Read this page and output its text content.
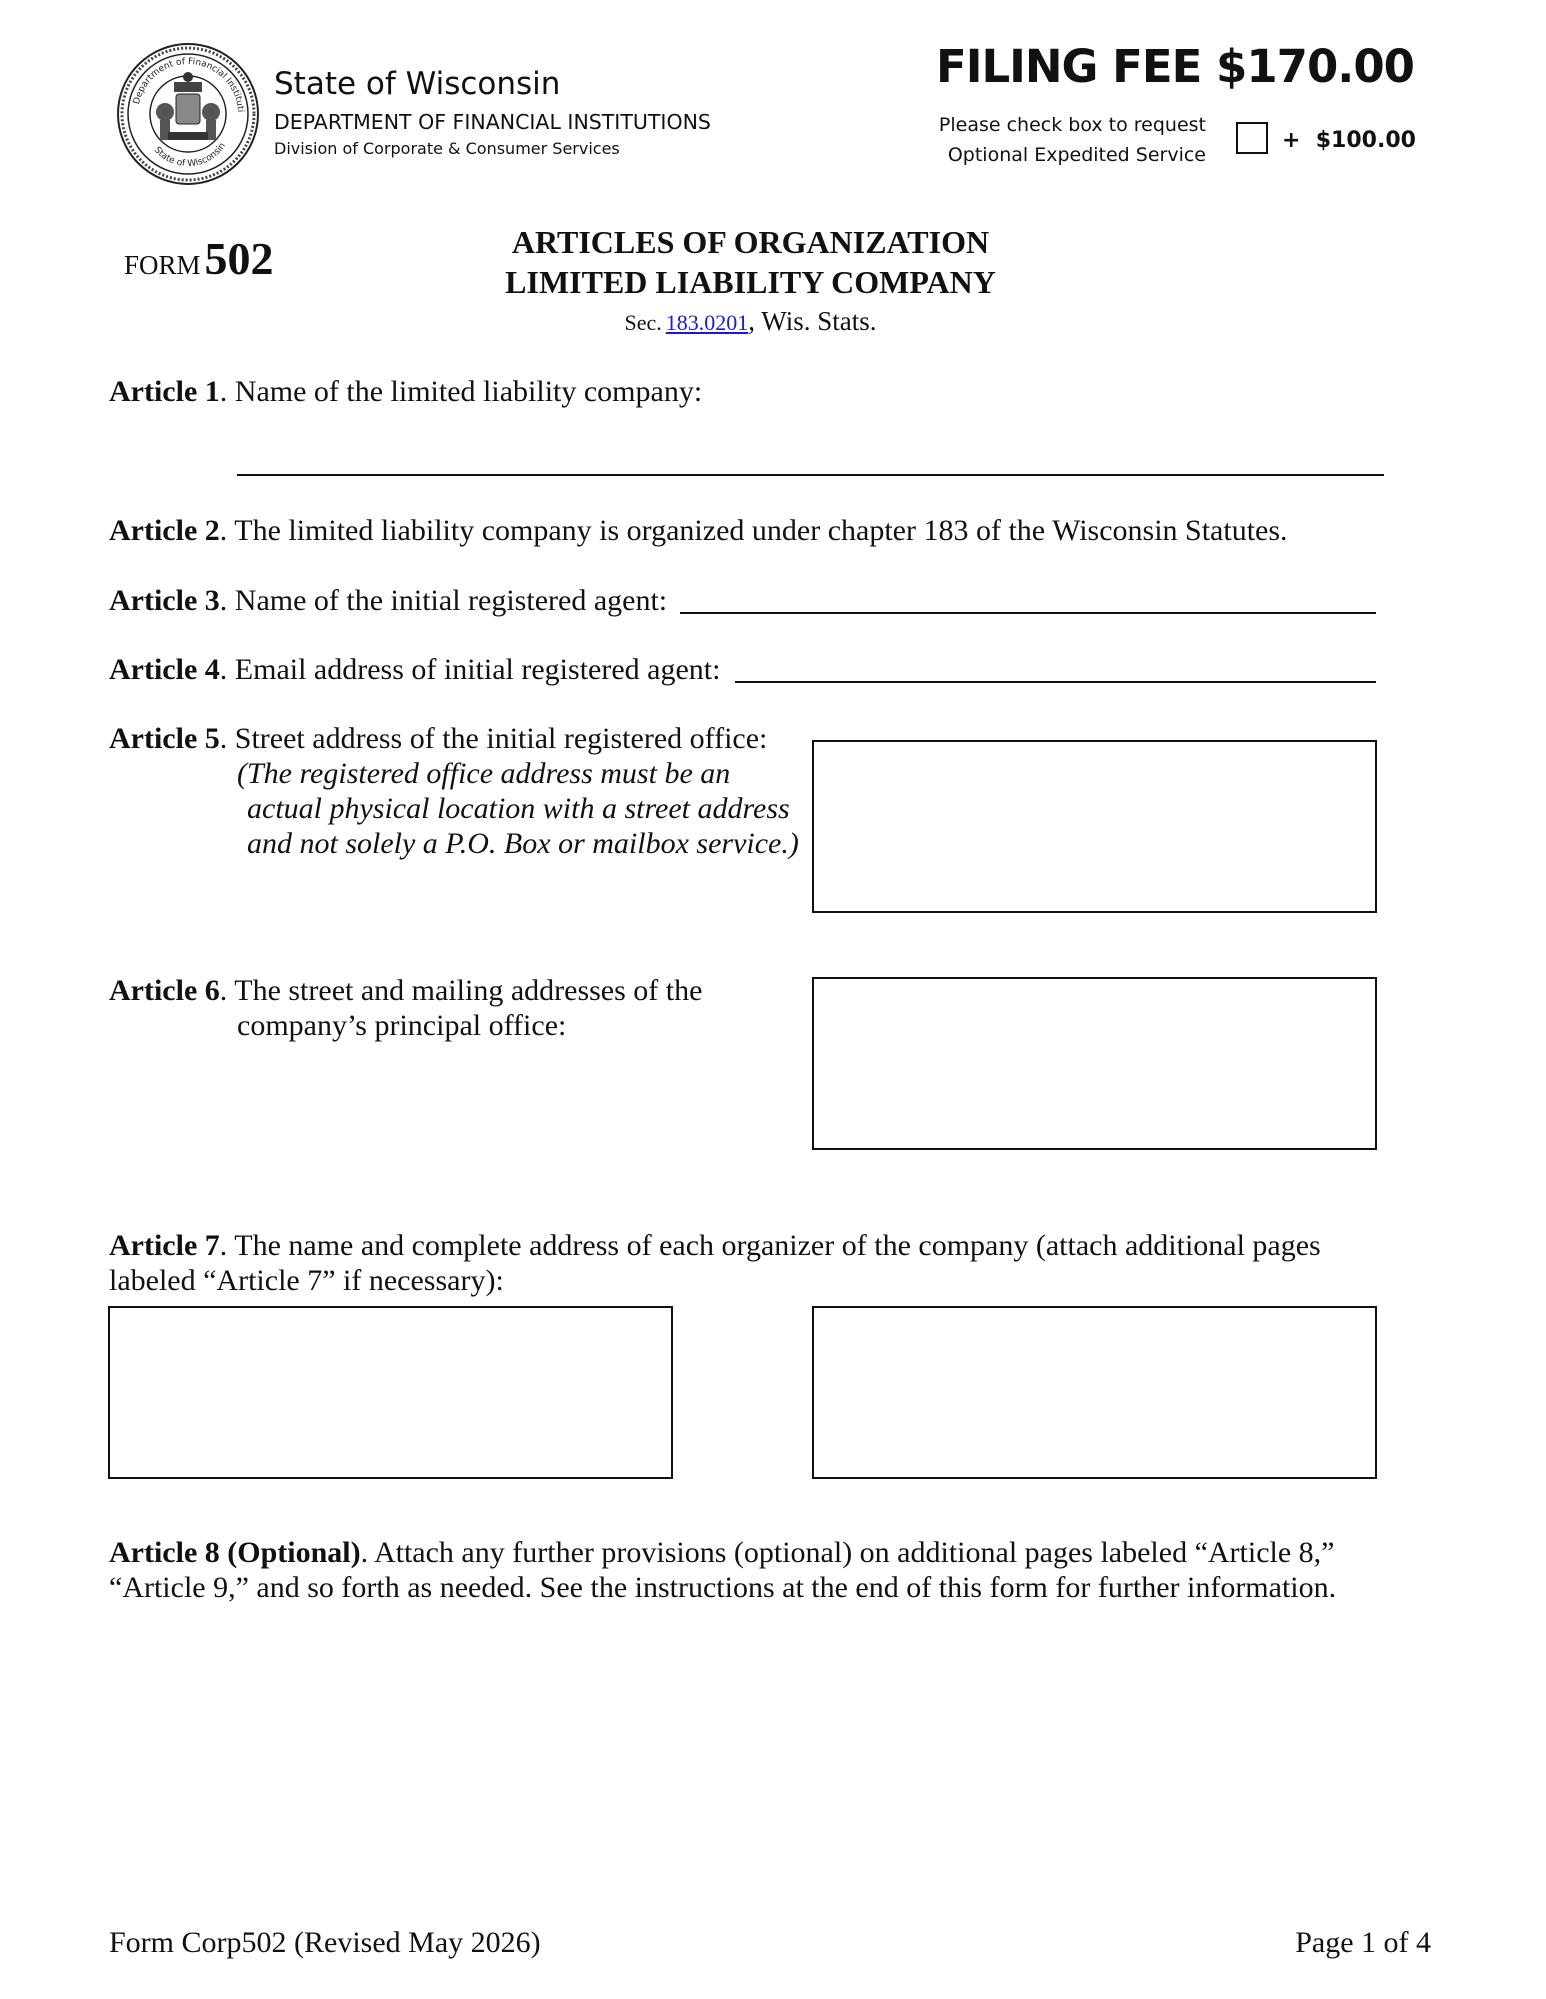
Department of Financial Instituti
State of Wisconsin
State of Wisconsin
DEPARTMENT OF FINANCIAL INSTITUTIONS
Division of Corporate & Consumer Services
FILING FEE $170.00
Please check box to request
Optional Expedited Service
+  $100.00
FORM 502	ARTICLES OF ORGANIZATION
LIMITED LIABILITY COMPANY
Sec. 183.0201, Wis. Stats.
Article 1. Name of the limited liability company:
Article 2. The limited liability company is organized under chapter 183 of the Wisconsin Statutes.
Article 3. Name of the initial registered agent:
Article 4. Email address of initial registered agent:
Article 5. Street address of the initial registered office:
(The registered office address must be an
actual physical location with a street address
and not solely a P.O. Box or mailbox service.)
Article 6. The street and mailing addresses of the
company’s principal office:
Article 7. The name and complete address of each organizer of the company (attach additional pages
labeled “Article 7” if necessary):
Article 8 (Optional). Attach any further provisions (optional) on additional pages labeled “Article 8,”
“Article 9,” and so forth as needed. See the instructions at the end of this form for further information.
Form Corp502 (Revised May 2026)	Page 1 of 4
